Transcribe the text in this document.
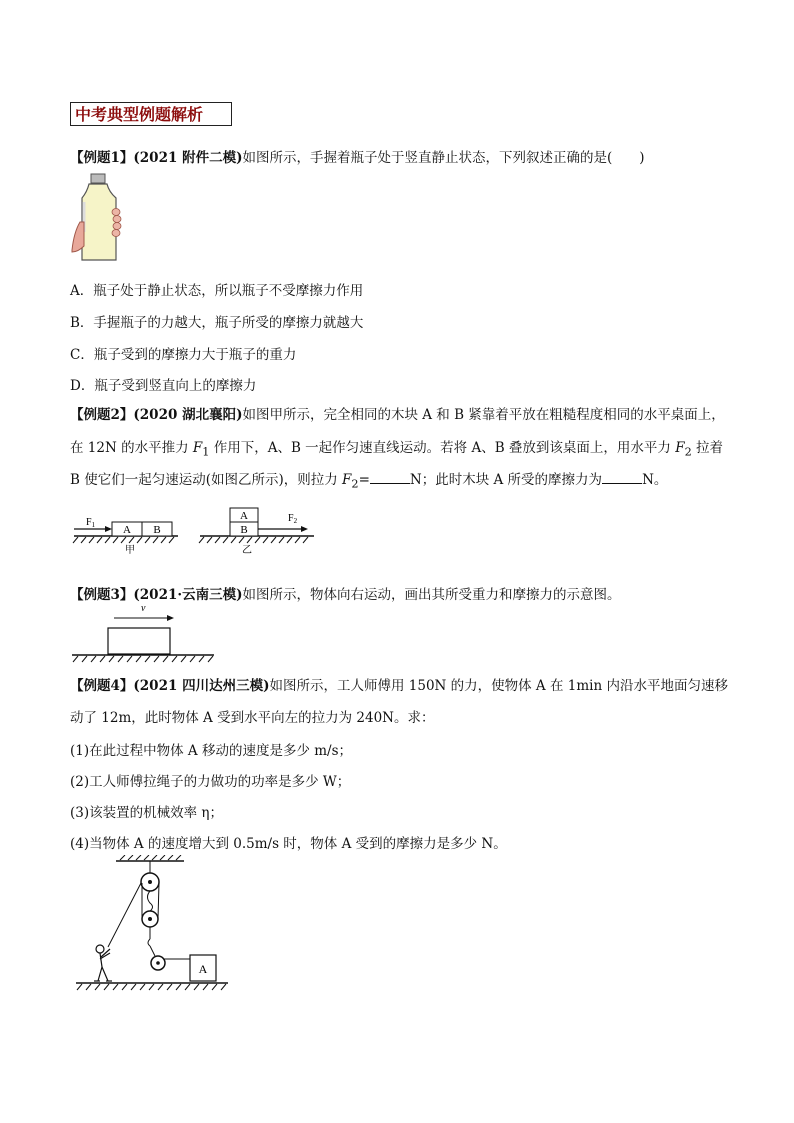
中考典型例题解析
【例题1】(2021 附件二模)如图所示，手握着瓶子处于竖直静止状态，下列叙述正确的是(　　)
A．瓶子处于静止状态，所以瓶子不受摩擦力作用
B．手握瓶子的力越大，瓶子所受的摩擦力就越大
C．瓶子受到的摩擦力大于瓶子的重力
D．瓶子受到竖直向上的摩擦力
【例题2】(2020 湖北襄阳)如图甲所示，完全相同的木块 A 和 B 紧靠着平放在粗糙程度相同的水平桌面上，
在 12N 的水平推力 $F_1$ 作用下，A、B 一起作匀速直线运动。若将 A、B 叠放到该桌面上，用水平力 $F_2$ 拉着
B 使它们一起匀速运动(如图乙所示)，则拉力 $F_2=$	N；此时木块 A 所受的摩擦力为	N。
A B
$F_1$
甲
A
B
$F_2$
乙
【例题3】(2021·云南三模)如图所示，物体向右运动，画出其所受重力和摩擦力的示意图。
v
【例题4】(2021 四川达州三模)如图所示，工人师傅用 150N 的力，使物体 A 在 1min 内沿水平地面匀速移
动了 12m，此时物体 A 受到水平向左的拉力为 240N。求：
(1)在此过程中物体 A 移动的速度是多少 m/s；
(2)工人师傅拉绳子的力做功的功率是多少 W；
(3)该装置的机械效率 η；
(4)当物体 A 的速度增大到 0.5m/s 时，物体 A 受到的摩擦力是多少 N。
A
